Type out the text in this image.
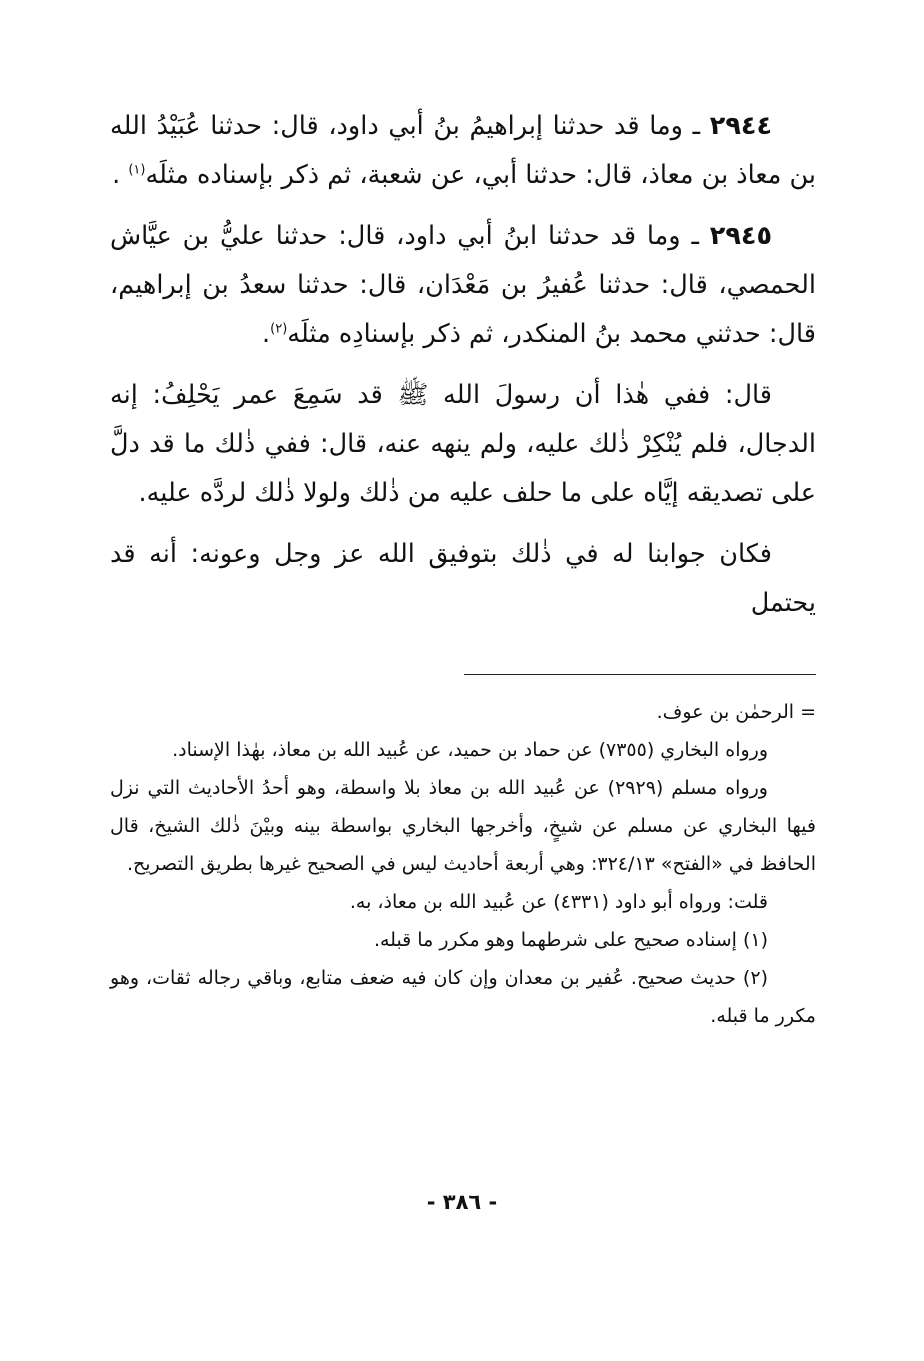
٢٩٤٤ ـ وما قد حدثنا إبراهيمُ بنُ أبي داود، قال: حدثنا عُبَيْدُ الله بن معاذ بن معاذ، قال: حدثنا أبي، عن شعبة، ثم ذكر بإسناده مثلَه$^{(١)}$ .

٢٩٤٥ ـ وما قد حدثنا ابنُ أبي داود، قال: حدثنا عليُّ بن عيَّاش الحمصي، قال: حدثنا عُفيرُ بن مَعْدَان، قال: حدثنا سعدُ بن إبراهيم، قال: حدثني محمد بنُ المنكدر، ثم ذكر بإسنادِه مثلَه$^{(٢)}$.

قال: ففي هٰذا أن رسولَ الله ﷺ قد سَمِعَ عمر يَحْلِفُ: إنه الدجال، فلم يُنْكِرْ ذٰلك عليه، ولم ينهه عنه، قال: ففي ذٰلك ما قد دلَّ على تصديقه إيَّاه على ما حلف عليه من ذٰلك ولولا ذٰلك لردَّه عليه.

فكان جوابنا له في ذٰلك بتوفيق الله عز وجل وعونه: أنه قد يحتمل

= الرحمٰن بن عوف.

ورواه البخاري (٧٣٥٥) عن حماد بن حميد، عن عُبيد الله بن معاذ، بهٰذا الإسناد.

ورواه مسلم (٢٩٢٩) عن عُبيد الله بن معاذ بلا واسطة، وهو أحدُ الأحاديث التي نزل فيها البخاري عن مسلم عن شيخٍ، وأخرجها البخاري بواسطة بينه وبيْنَ ذٰلك الشيخ، قال الحافظ في «الفتح» ٣٢٤/١٣: وهي أربعة أحاديث ليس في الصحيح غيرها بطريق التصريح.

قلت: ورواه أبو داود (٤٣٣١) عن عُبيد الله بن معاذ، به.

(١) إسناده صحيح على شرطهما وهو مكرر ما قبله.

(٢) حديث صحيح. عُفير بن معدان وإن كان فيه ضعف متابع، وباقي رجاله ثقات، وهو مكرر ما قبله.

- ٣٨٦ -
